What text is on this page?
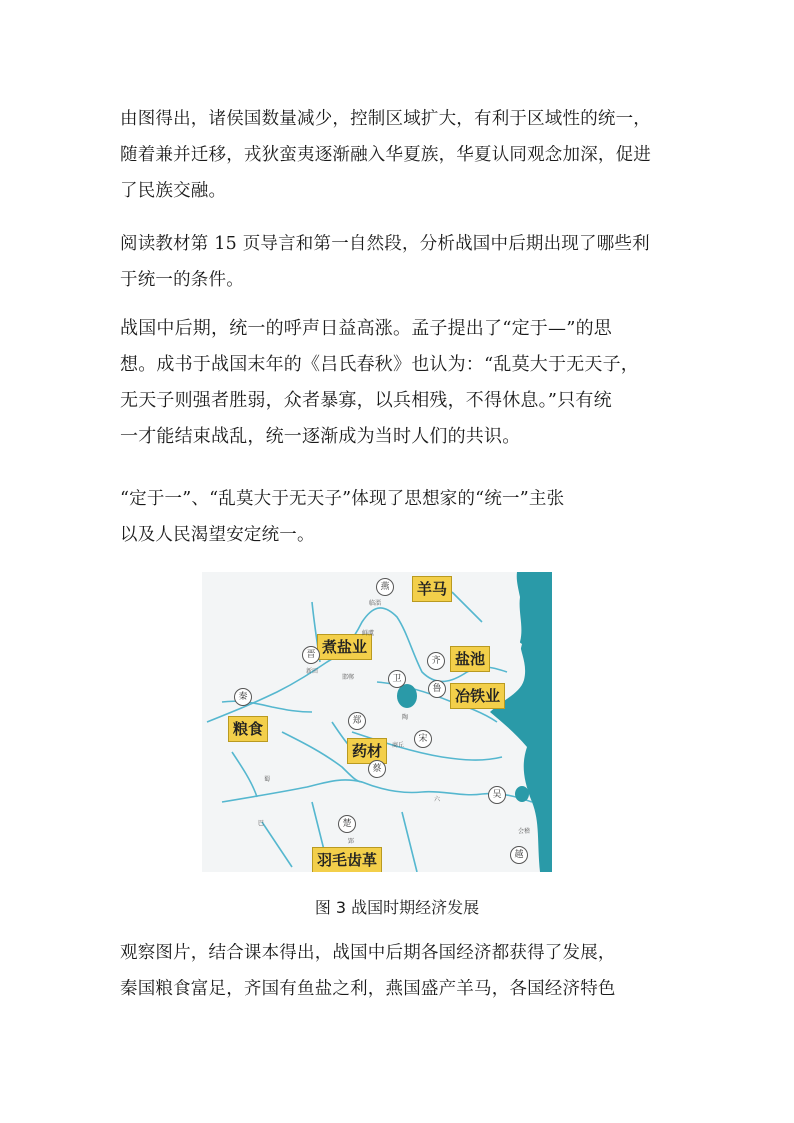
由图得出，诸侯国数量减少，控制区域扩大，有利于区域性的统一，
随着兼并迁移，戎狄蛮夷逐渐融入华夏族，华夏认同观念加深，促进
了民族交融。
阅读教材第 15 页导言和第一自然段，分析战国中后期出现了哪些利
于统一的条件。
战国中后期，统一的呼声日益高涨。孟子提出了“定于—”的思
想。成书于战国末年的《吕氏春秋》也认为：“乱莫大于无天子，
无天子则强者胜弱，众者暴寡，以兵相残，不得休息。”只有统
一才能结束战乱，统一逐渐成为当时人们的共识。
“定于一”、“乱莫大于无天子”体现了思想家的“统一”主张
以及人民渴望安定统一。
羊马
煮盐业
盐池
冶铁业
粮食
药材
羽毛齿革
燕
晋
秦
卫
齐
鲁
郑
宋
蔡
吴
楚
越
临淄
鲜虞
新田
邯郸
陶
商丘
郢
巴
蜀
六
会稽
图 3 战国时期经济发展
观察图片，结合课本得出，战国中后期各国经济都获得了发展，
秦国粮食富足，齐国有鱼盐之利，燕国盛产羊马，各国经济特色
